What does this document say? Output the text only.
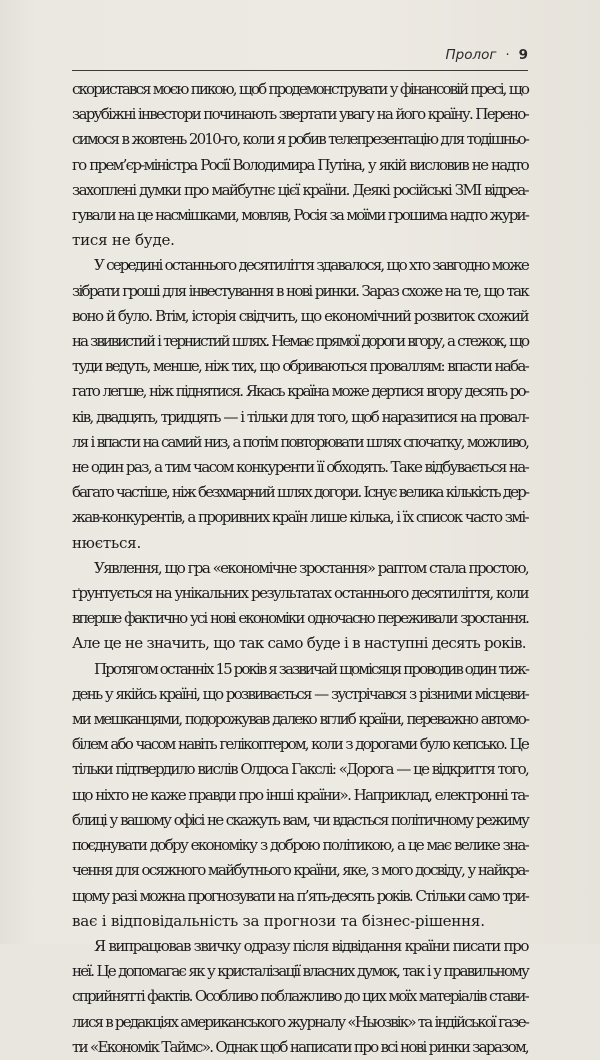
Пролог · 9

скористався моєю пикою, щоб продемонструвати у фінансовій пресі, що
зарубіжні інвестори починають звертати увагу на його країну. Перено-
симося в жовтень 2010-го, коли я робив телепрезентацію для тодішньо-
го прем’єр-міністра Росії Володимира Путіна, у якій висловив не надто
захоплені думки про майбутнє цієї країни. Деякі російські ЗМІ відреа-
гували на це насмішками, мовляв, Росія за моїми грошима надто жури-
тися не буде.

У середині останнього десятиліття здавалося, що хто завгодно може
зібрати гроші для інвестування в нові ринки. Зараз схоже на те, що так
воно й було. Втім, історія свідчить, що економічний розвиток схожий
на звивистий і тернистий шлях. Немає прямої дороги вгору, а стежок, що
туди ведуть, менше, ніж тих, що обриваються проваллям: впасти наба-
гато легше, ніж піднятися. Якась країна може дертися вгору десять ро-
ків, двадцять, тридцять — і тільки для того, щоб наразитися на провал-
ля і впасти на самий низ, а потім повторювати шлях спочатку, можливо,
не один раз, а тим часом конкуренти її обходять. Таке відбувається на-
багато частіше, ніж безхмарний шлях догори. Існує велика кількість дер-
жав-конкурентів, а проривних країн лише кілька, і їх список часто змі-
нюється.

Уявлення, що гра «економічне зростання» раптом стала простою,
ґрунтується на унікальних результатах останнього десятиліття, коли
вперше фактично усі нові економіки одночасно переживали зростання.
Але це не значить, що так само буде і в наступні десять років.

Протягом останніх 15 років я зазвичай щомісяця проводив один тиж-
день у якійсь країні, що розвивається — зустрічався з різними місцеви-
ми мешканцями, подорожував далеко вглиб країни, переважно автомо-
білем або часом навіть гелікоптером, коли з дорогами було кепсько. Це
тільки підтвердило вислів Олдоса Гакслі: «Дорога — це відкриття того,
що ніхто не каже правди про інші країни». Наприклад, електронні та-
блиці у вашому офісі не скажуть вам, чи вдасться політичному режиму
поєднувати добру економіку з доброю політикою, а це має велике зна-
чення для осяжного майбутнього країни, яке, з мого досвіду, у найкра-
щому разі можна прогнозувати на п’ять-десять років. Стільки само три-
ває і відповідальність за прогнози та бізнес-рішення.

Я випрацював звичку одразу після відвідання країни писати про
неї. Це допомагає як у кристалізації власних думок, так і у правильному
сприйнятті фактів. Особливо поблажливо до цих моїх матеріалів стави-
лися в редакціях американського журналу «Ньюзвік» та індійської газе-
ти «Економік Таймс». Однак щоб написати про всі нові ринки заразом,
